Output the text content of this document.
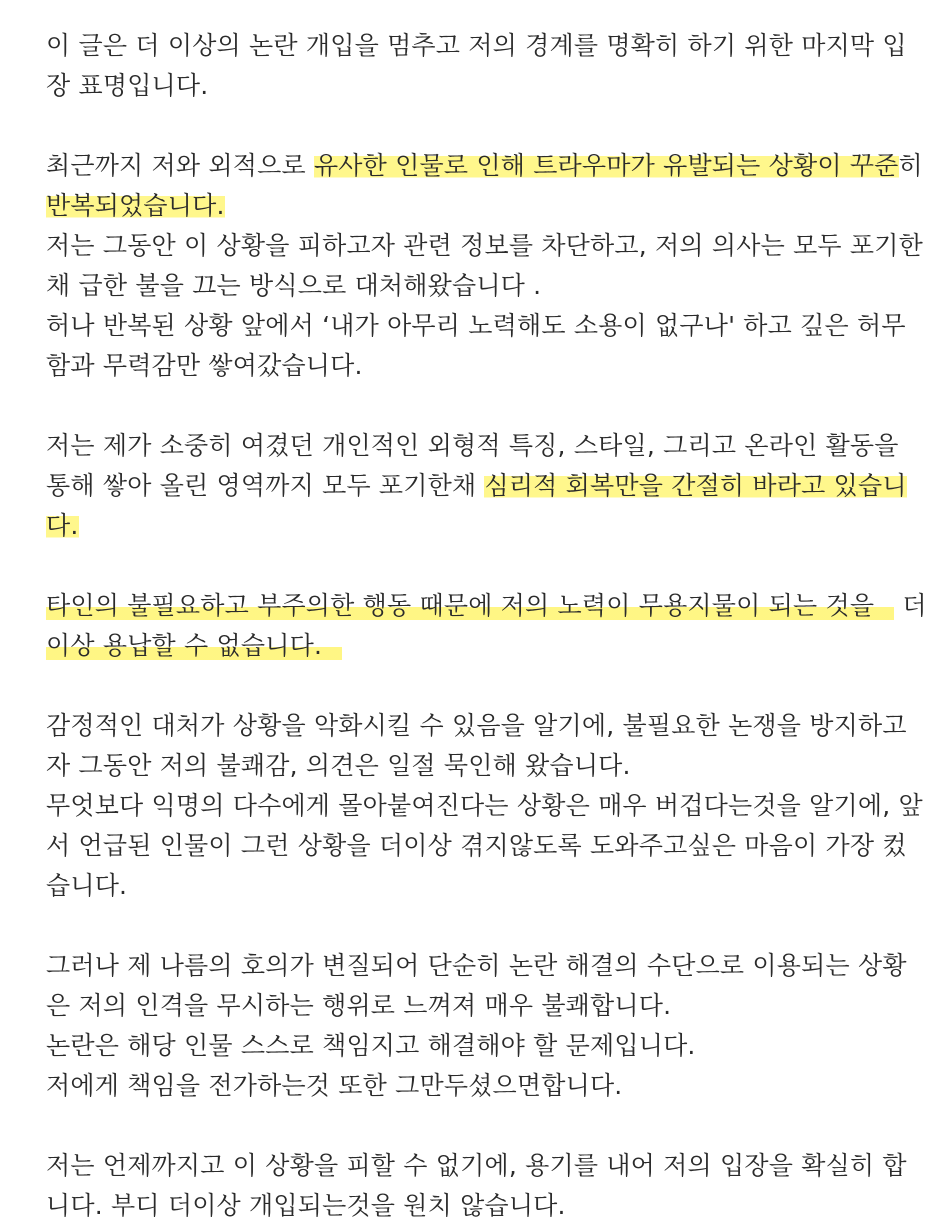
이 글은 더 이상의 논란 개입을 멈추고 저의 경계를 명확히 하기 위한 마지막 입
장 표명입니다.
최근까지 저와 외적으로 유사한 인물로 인해 트라우마가 유발되는 상황이 꾸준히
반복되었습니다.
저는 그동안 이 상황을 피하고자 관련 정보를 차단하고, 저의 의사는 모두 포기한
채 급한 불을 끄는 방식으로 대처해왔습니다 .
허나 반복된 상황 앞에서 ‘내가 아무리 노력해도 소용이 없구나' 하고 깊은 허무
함과 무력감만 쌓여갔습니다.
저는 제가 소중히 여겼던 개인적인 외형적 특징, 스타일, 그리고 온라인 활동을
통해 쌓아 올린 영역까지 모두 포기한채 심리적 회복만을 간절히 바라고 있습니
다.
타인의 불필요하고 부주의한 행동 때문에 저의 노력이 무용지물이 되는 것을 더
이상 용납할 수 없습니다.
감정적인 대처가 상황을 악화시킬 수 있음을 알기에, 불필요한 논쟁을 방지하고
자 그동안 저의 불쾌감, 의견은 일절 묵인해 왔습니다.
무엇보다 익명의 다수에게 몰아붙여진다는 상황은 매우 버겁다는것을 알기에, 앞
서 언급된 인물이 그런 상황을 더이상 겪지않도록 도와주고싶은 마음이 가장 컸
습니다.
그러나 제 나름의 호의가 변질되어 단순히 논란 해결의 수단으로 이용되는 상황
은 저의 인격을 무시하는 행위로 느껴져 매우 불쾌합니다.
논란은 해당 인물 스스로 책임지고 해결해야 할 문제입니다.
저에게 책임을 전가하는것 또한 그만두셨으면합니다.
저는 언제까지고 이 상황을 피할 수 없기에, 용기를 내어 저의 입장을 확실히 합
니다. 부디 더이상 개입되는것을 원치 않습니다.
